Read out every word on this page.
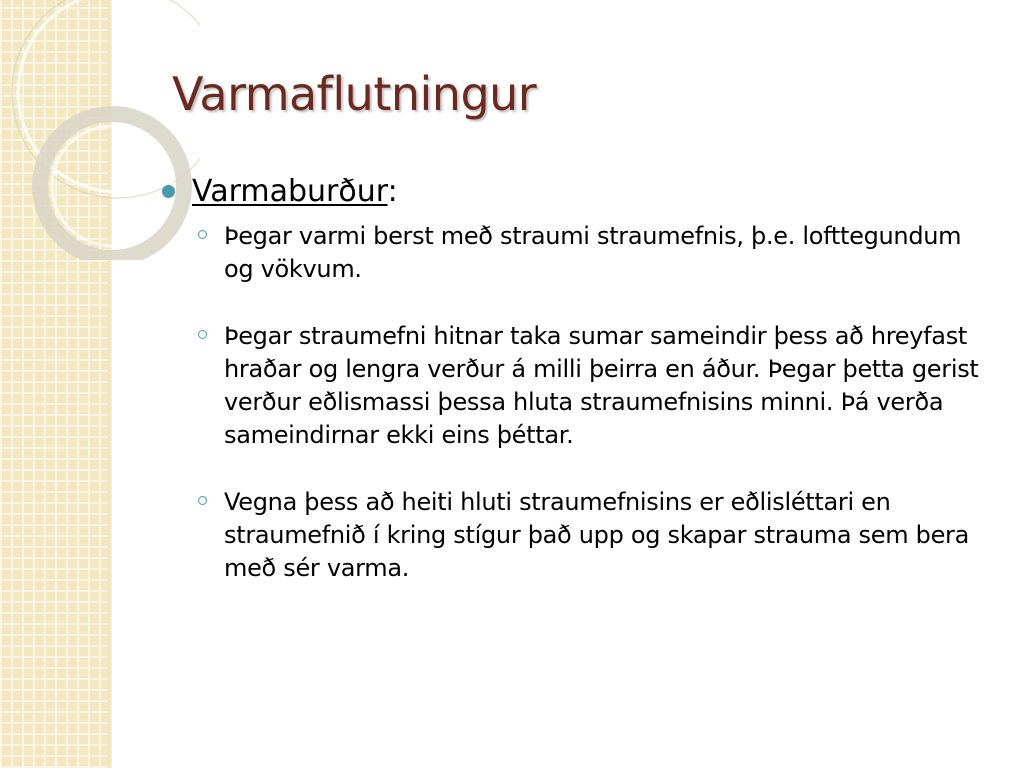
Varmaflutningur
Varmaburður:
Þegar varmi berst með straumi straumefnis, þ.e. lofttegundum og vökvum.
Þegar straumefni hitnar taka sumar sameindir þess að hreyfast hraðar og lengra verður á milli þeirra en áður. Þegar þetta gerist verður eðlismassi þessa hluta straumefnisins minni. Þá verða sameindirnar ekki eins þéttar.
Vegna þess að heiti hluti straumefnisins er eðlisléttari en straumefnið í kring stígur það upp og skapar strauma sem bera með sér varma.
